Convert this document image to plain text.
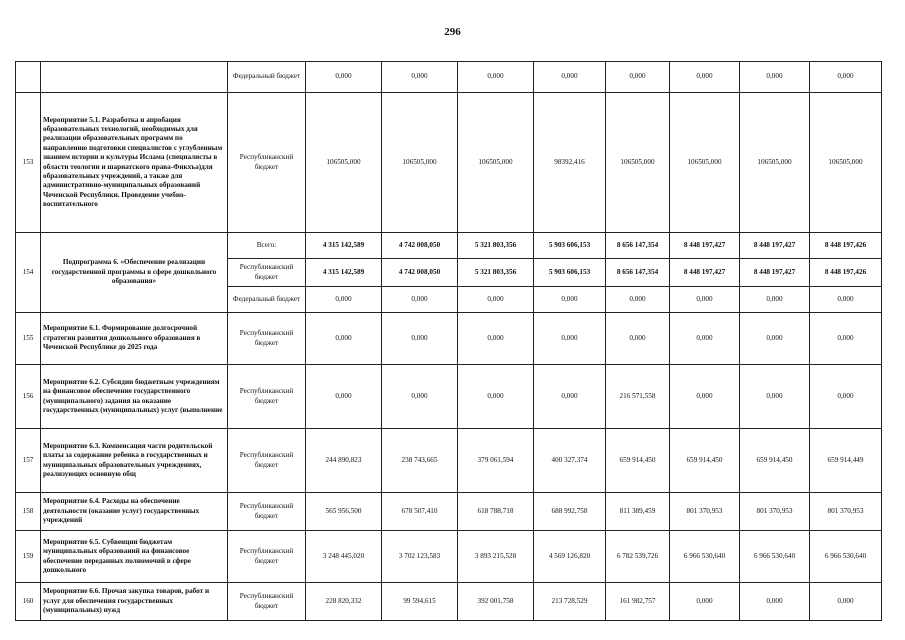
296

	Федеральный бюджет	0,000	0,000	0,000	0,000	0,000	0,000	0,000	0,000
153	Мероприятие 5.1. Разработка и апробация образовательных технологий, необходимых для реализации образовательных программ по направлению подготовки специалистов с углубленным знанием истории и культуры Ислама (специалисты в области теологии и шариатского права-Фикхъа)для образовательных учреждений, а также для административно-муниципальных образований Чеченской Республики. Проведение учебно-воспитательного	Республиканский бюджет	106505,000	106505,000	106505,000	98392,416	106505,000	106505,000	106505,000	106505,000
154	Подпрограмма 6. «Обеспечение реализации государственной программы в сфере дошкольного образования»	Всего:	4 315 142,589	4 742 008,050	5 321 803,356	5 903 606,153	8 656 147,354	8 448 197,427	8 448 197,427	8 448 197,426
		Республиканский бюджет	4 315 142,589	4 742 008,050	5 321 803,356	5 903 606,153	8 656 147,354	8 448 197,427	8 448 197,427	8 448 197,426
		Федеральный бюджет	0,000	0,000	0,000	0,000	0,000	0,000	0,000	0,000
155	Мероприятие 6.1. Формирование долгосрочной стратегии развития дошкольного образования в Чеченской Республике до 2025 года	Республиканский бюджет	0,000	0,000	0,000	0,000	0,000	0,000	0,000	0,000
156	Мероприятие 6.2. Субсидии бюджетным учреждениям на финансовое обеспечение государственного (муниципального) задания на оказание государственных (муниципальных) услуг (выполнение	Республиканский бюджет	0,000	0,000	0,000	0,000	216 571,558	0,000	0,000	0,000
157	Мероприятие 6.3. Компенсация части родительской платы за содержание ребенка в государственных и муниципальных образовательных учреждениях, реализующих основную общ	Республиканский бюджет	244 890,823	238 743,665	379 061,594	400 327,374	659 914,450	659 914,450	659 914,450	659 914,449
158	Мероприятие 6.4. Расходы на обеспечение деятельности (оказание услуг) государственных учреждений	Республиканский бюджет	565 956,500	678 507,410	618 788,718	688 992,758	811 389,459	801 370,953	801 370,953	801 370,953
159	Мероприятие 6.5. Субвенции бюджетам муниципальных образований на финансовое обеспечение переданных полномочий в сфере дошкольного	Республиканский бюджет	3 248 445,020	3 702 123,583	3 893 215,528	4 569 126,820	6 782 539,726	6 966 530,640	6 966 530,640	6 966 530,640
160	Мероприятие 6.6. Прочая закупка товаров, работ и услуг для обеспечения государственных (муниципальных) нужд	Республиканский бюджет	228 820,332	99 594,615	392 001,758	213 728,529	161 982,757	0,000	0,000	0,000
